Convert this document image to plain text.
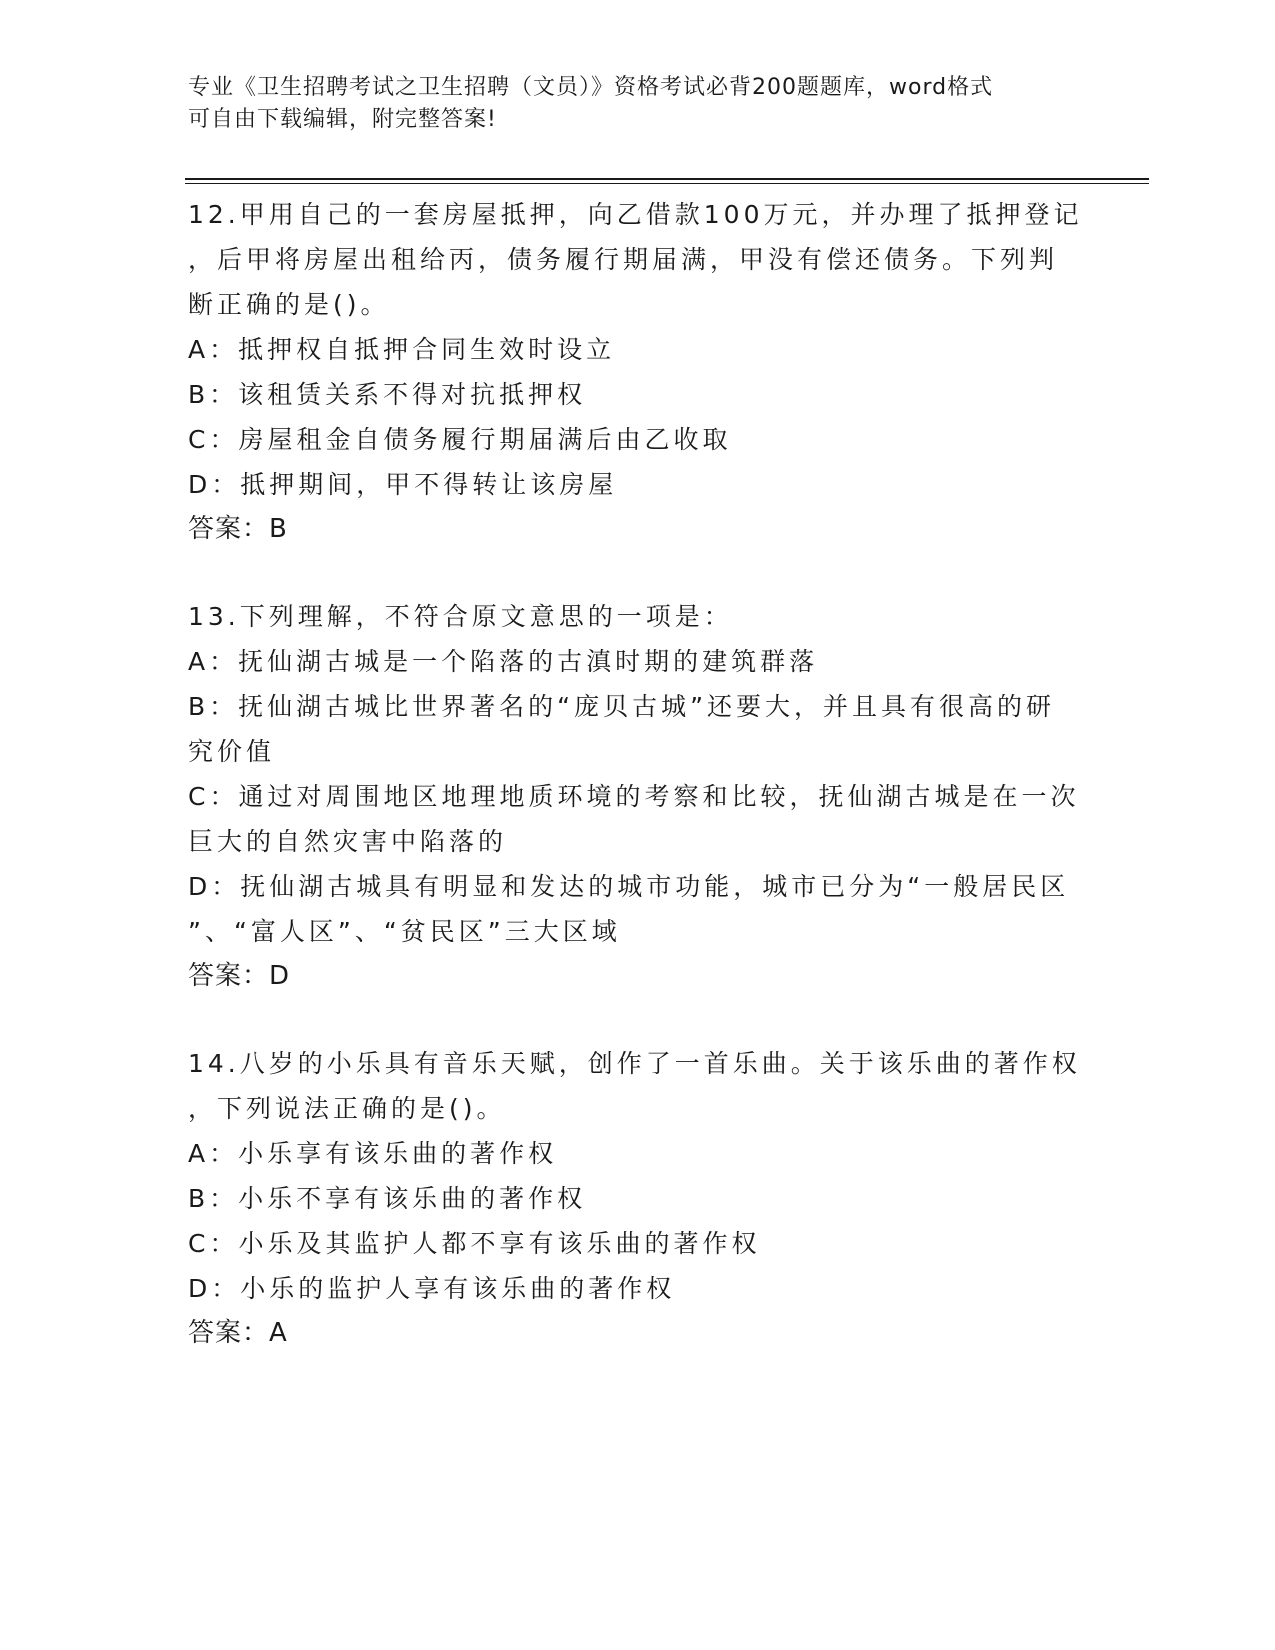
专业《卫生招聘考试之卫生招聘（文员）》资格考试必背200题题库，word格式
可自由下载编辑，附完整答案!
12.甲用自己的一套房屋抵押，向乙借款100万元，并办理了抵押登记
，后甲将房屋出租给丙，债务履行期届满，甲没有偿还债务。下列判
断正确的是()。
A：抵押权自抵押合同生效时设立
B：该租赁关系不得对抗抵押权
C：房屋租金自债务履行期届满后由乙收取
D：抵押期间，甲不得转让该房屋
答案：B
13.下列理解，不符合原文意思的一项是：
A：抚仙湖古城是一个陷落的古滇时期的建筑群落
B：抚仙湖古城比世界著名的“庞贝古城”还要大，并且具有很高的研
究价值
C：通过对周围地区地理地质环境的考察和比较，抚仙湖古城是在一次
巨大的自然灾害中陷落的
D：抚仙湖古城具有明显和发达的城市功能，城市已分为“一般居民区
”、“富人区”、“贫民区”三大区域
答案：D
14.八岁的小乐具有音乐天赋，创作了一首乐曲。关于该乐曲的著作权
，下列说法正确的是()。
A：小乐享有该乐曲的著作权
B：小乐不享有该乐曲的著作权
C：小乐及其监护人都不享有该乐曲的著作权
D：小乐的监护人享有该乐曲的著作权
答案：A
